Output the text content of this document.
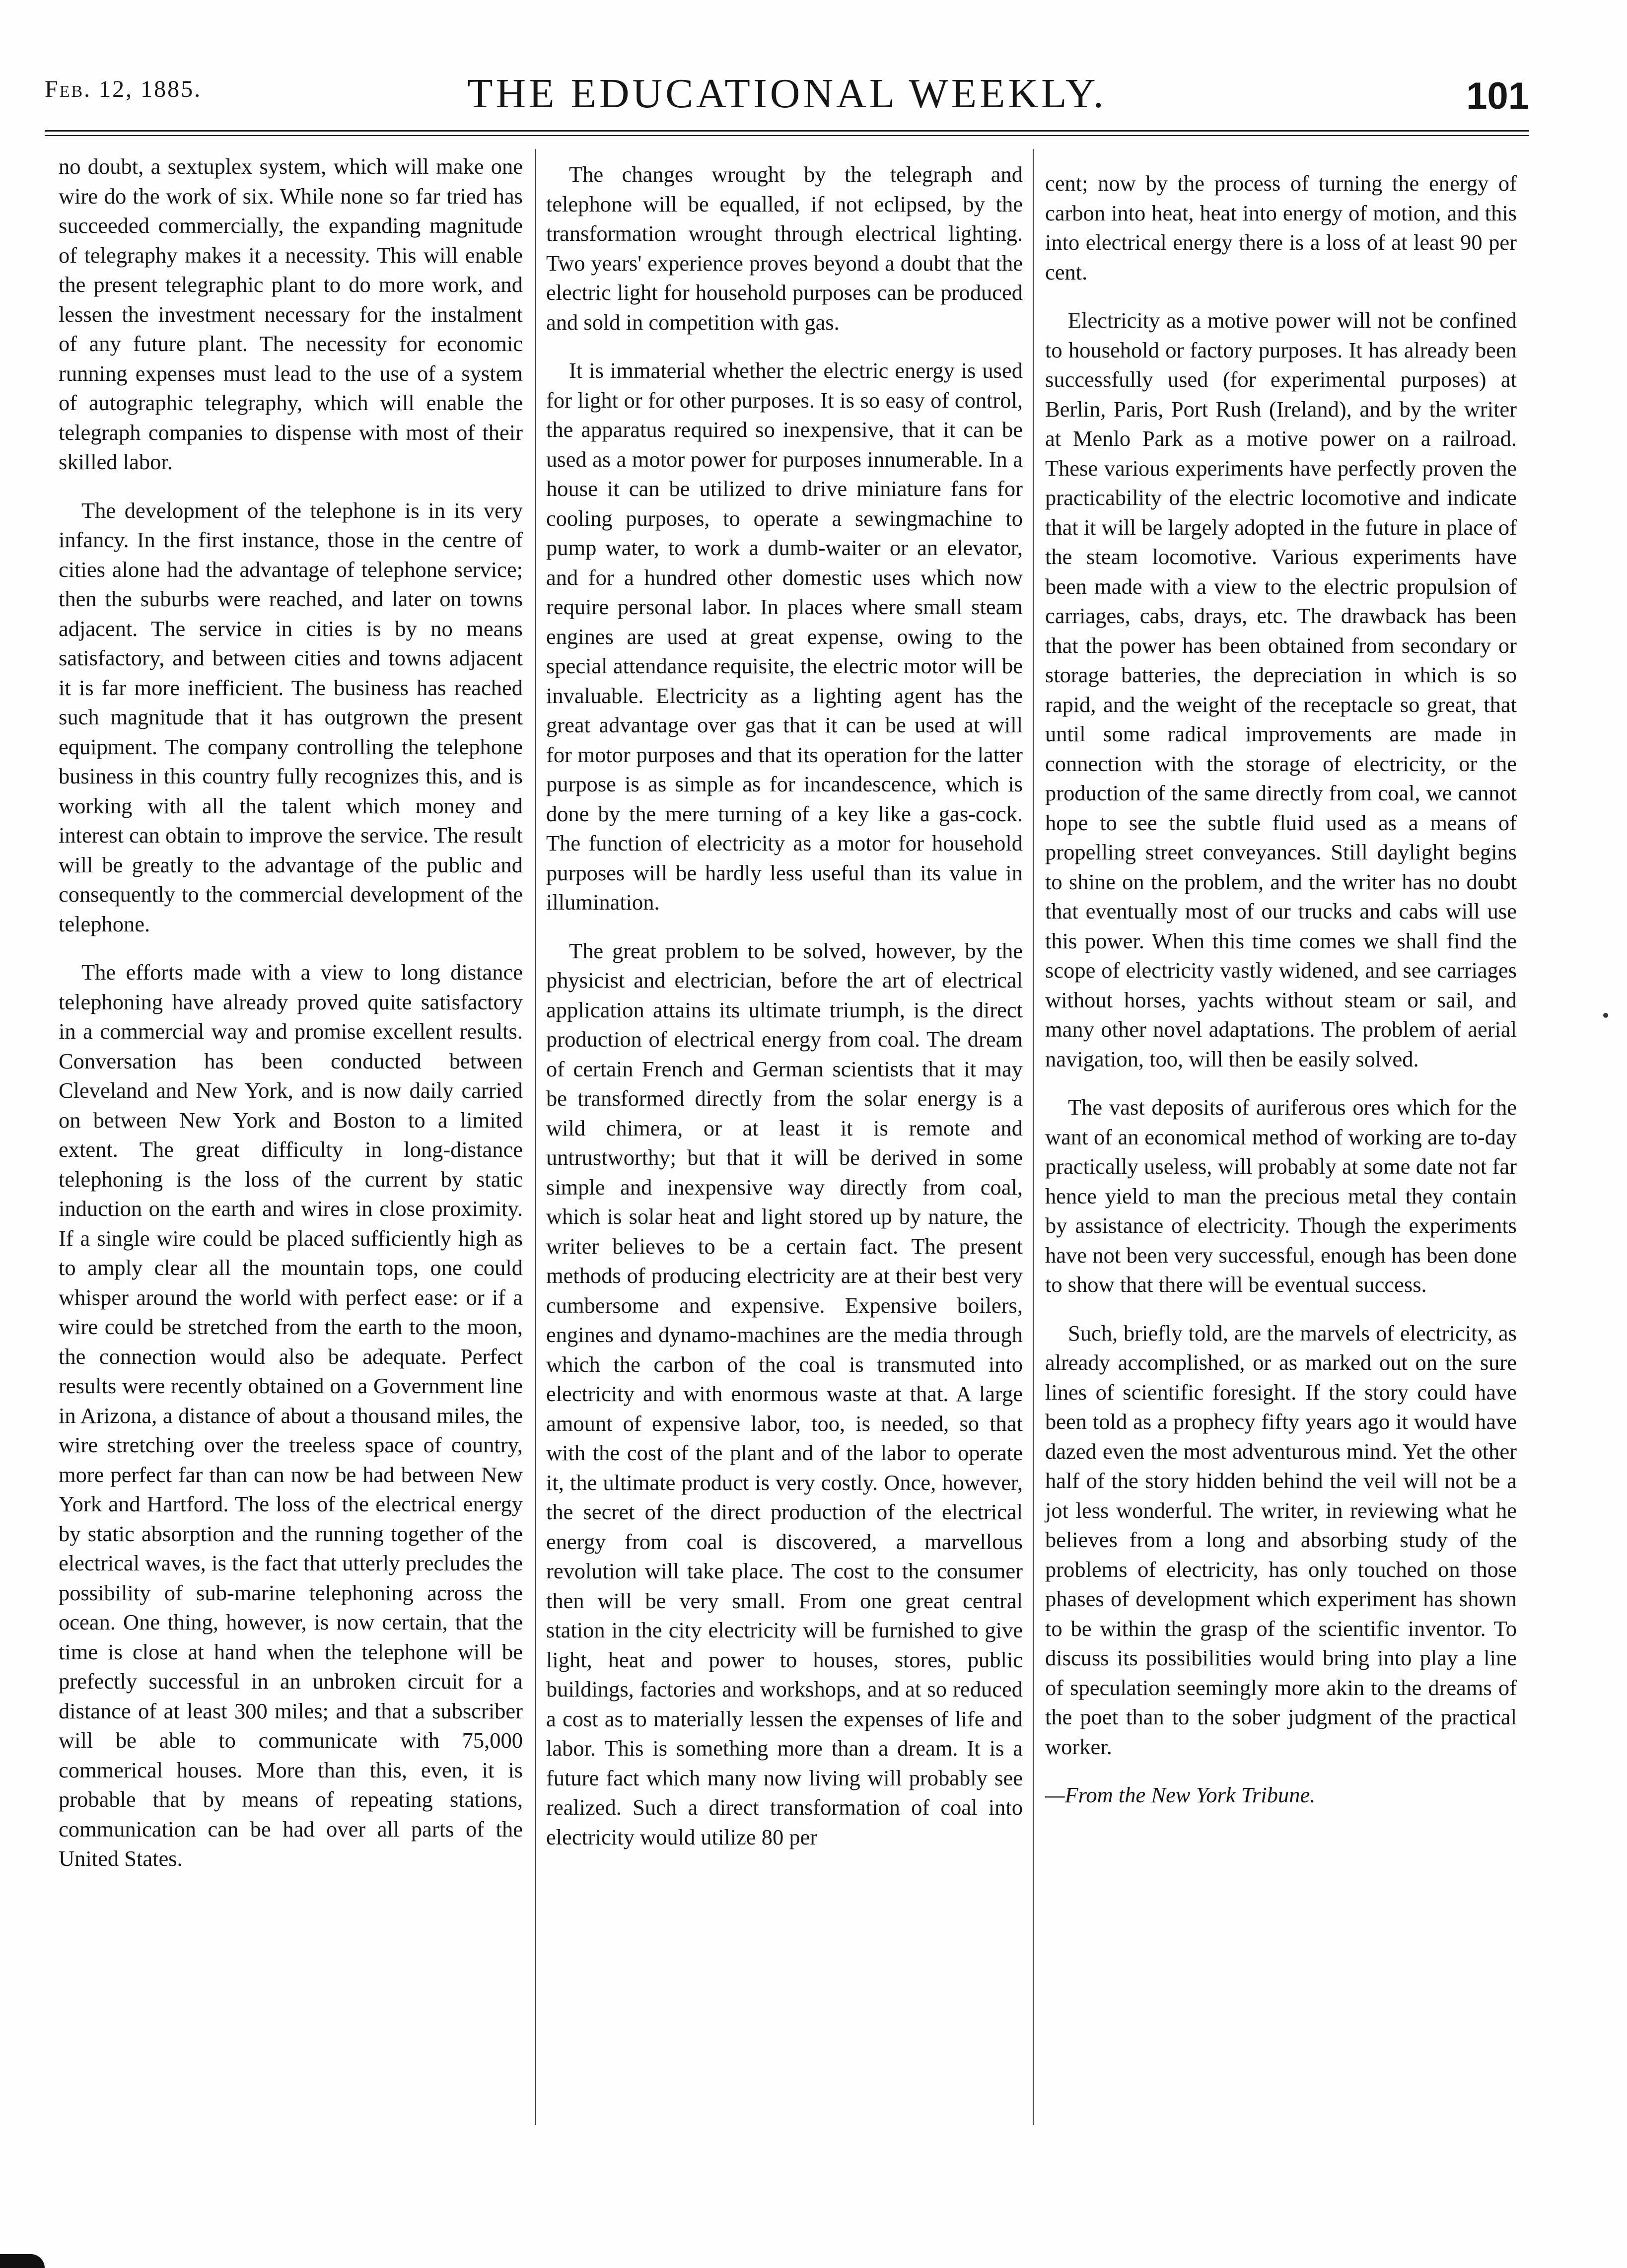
Feb. 12, 1885.	THE EDUCATIONAL WEEKLY.	101

no doubt, a sextuplex system, which will make one wire do the work of six. While none so far tried has succeeded commercially, the expanding magnitude of telegraphy makes it a necessity. This will enable the present telegraphic plant to do more work, and lessen the investment necessary for the instalment of any future plant. The necessity for economic running expenses must lead to the use of a system of autographic telegraphy, which will enable the telegraph companies to dispense with most of their skilled labor.

The development of the telephone is in its very infancy. In the first instance, those in the centre of cities alone had the advantage of telephone service; then the suburbs were reached, and later on towns adjacent. The service in cities is by no means satisfactory, and between cities and towns adjacent it is far more inefficient. The business has reached such magnitude that it has outgrown the present equipment. The company controlling the telephone business in this country fully recognizes this, and is working with all the talent which money and interest can obtain to improve the service. The result will be greatly to the advantage of the public and consequently to the commercial development of the telephone.

The efforts made with a view to long distance telephoning have already proved quite satisfactory in a commercial way and promise excellent results. Conversation has been conducted between Cleveland and New York, and is now daily carried on between New York and Boston to a limited extent. The great difficulty in long-distance telephoning is the loss of the current by static induction on the earth and wires in close proximity. If a single wire could be placed sufficiently high as to amply clear all the mountain tops, one could whisper around the world with perfect ease: or if a wire could be stretched from the earth to the moon, the connection would also be adequate. Perfect results were recently obtained on a Government line in Arizona, a distance of about a thousand miles, the wire stretching over the treeless space of country, more perfect far than can now be had between New York and Hartford. The loss of the electrical energy by static absorption and the running together of the electrical waves, is the fact that utterly precludes the possibility of sub-marine telephoning across the ocean. One thing, however, is now certain, that the time is close at hand when the telephone will be prefectly successful in an unbroken circuit for a distance of at least 300 miles; and that a subscriber will be able to communicate with 75,000 commerical houses. More than this, even, it is probable that by means of repeating stations, communication can be had over all parts of the United States.

The changes wrought by the telegraph and telephone will be equalled, if not eclipsed, by the transformation wrought through electrical lighting. Two years' experience proves beyond a doubt that the electric light for household purposes can be produced and sold in competition with gas.

It is immaterial whether the electric energy is used for light or for other purposes. It is so easy of control, the apparatus required so inexpensive, that it can be used as a motor power for purposes innumerable. In a house it can be utilized to drive miniature fans for cooling purposes, to operate a sewingmachine to pump water, to work a dumb-waiter or an elevator, and for a hundred other domestic uses which now require personal labor. In places where small steam engines are used at great expense, owing to the special attendance requisite, the electric motor will be invaluable. Electricity as a lighting agent has the great advantage over gas that it can be used at will for motor purposes and that its operation for the latter purpose is as simple as for incandescence, which is done by the mere turning of a key like a gas-cock. The function of electricity as a motor for household purposes will be hardly less useful than its value in illumination.

The great problem to be solved, however, by the physicist and electrician, before the art of electrical application attains its ultimate triumph, is the direct production of electrical energy from coal. The dream of certain French and German scientists that it may be transformed directly from the solar energy is a wild chimera, or at least it is remote and untrustworthy; but that it will be derived in some simple and inexpensive way directly from coal, which is solar heat and light stored up by nature, the writer believes to be a certain fact. The present methods of producing electricity are at their best very cumbersome and expensive. Expensive boilers, engines and dynamo-machines are the media through which the carbon of the coal is transmuted into electricity and with enormous waste at that. A large amount of expensive labor, too, is needed, so that with the cost of the plant and of the labor to operate it, the ultimate product is very costly. Once, however, the secret of the direct production of the electrical energy from coal is discovered, a marvellous revolution will take place. The cost to the consumer then will be very small. From one great central station in the city electricity will be furnished to give light, heat and power to houses, stores, public buildings, factories and workshops, and at so reduced a cost as to materially lessen the expenses of life and labor. This is something more than a dream. It is a future fact which many now living will probably see realized. Such a direct transformation of coal into electricity would utilize 80 per

cent; now by the process of turning the energy of carbon into heat, heat into energy of motion, and this into electrical energy there is a loss of at least 90 per cent.

Electricity as a motive power will not be confined to household or factory purposes. It has already been successfully used (for experimental purposes) at Berlin, Paris, Port Rush (Ireland), and by the writer at Menlo Park as a motive power on a railroad. These various experiments have perfectly proven the practicability of the electric locomotive and indicate that it will be largely adopted in the future in place of the steam locomotive. Various experiments have been made with a view to the electric propulsion of carriages, cabs, drays, etc. The drawback has been that the power has been obtained from secondary or storage batteries, the depreciation in which is so rapid, and the weight of the receptacle so great, that until some radical improvements are made in connection with the storage of electricity, or the production of the same directly from coal, we cannot hope to see the subtle fluid used as a means of propelling street conveyances. Still daylight begins to shine on the problem, and the writer has no doubt that eventually most of our trucks and cabs will use this power. When this time comes we shall find the scope of electricity vastly widened, and see carriages without horses, yachts without steam or sail, and many other novel adaptations. The problem of aerial navigation, too, will then be easily solved.

The vast deposits of auriferous ores which for the want of an economical method of working are to-day practically useless, will probably at some date not far hence yield to man the precious metal they contain by assistance of electricity. Though the experiments have not been very successful, enough has been done to show that there will be eventual success.

Such, briefly told, are the marvels of electricity, as already accomplished, or as marked out on the sure lines of scientific foresight. If the story could have been told as a prophecy fifty years ago it would have dazed even the most adventurous mind. Yet the other half of the story hidden behind the veil will not be a jot less wonderful. The writer, in reviewing what he believes from a long and absorbing study of the problems of electricity, has only touched on those phases of development which experiment has shown to be within the grasp of the scientific inventor. To discuss its possibilities would bring into play a line of speculation seemingly more akin to the dreams of the poet than to the sober judgment of the practical worker.

—From the New York Tribune.
